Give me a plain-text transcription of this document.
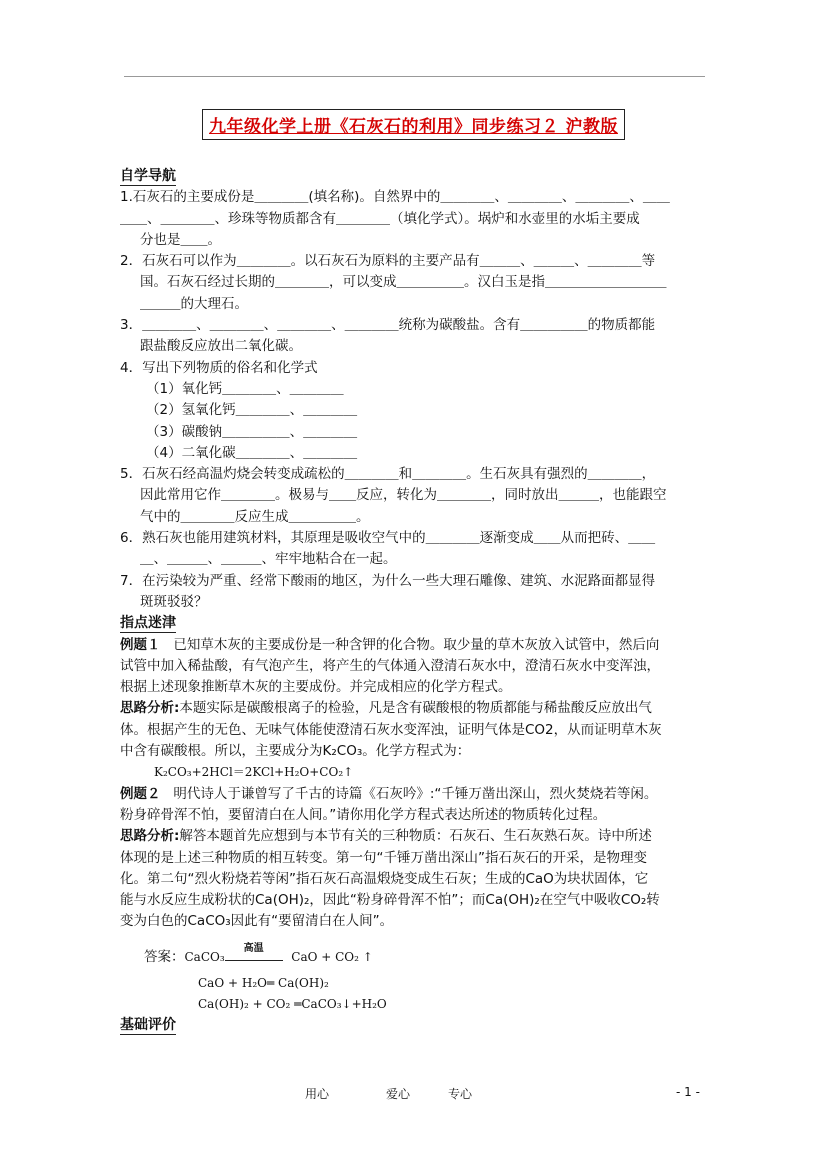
九年级化学上册《石灰石的利用》同步练习２ 沪教版
自学导航
1.石灰石的主要成份是＿＿＿＿(填名称)。自然界中的＿＿＿＿、＿＿＿＿、＿＿＿＿、＿＿
＿＿、＿＿＿＿、珍珠等物质都含有＿＿＿＿（填化学式）。埚炉和水壶里的水垢主要成
分也是＿＿。
2．石灰石可以作为＿＿＿＿。以石灰石为原料的主要产品有＿＿＿、＿＿＿、＿＿＿＿等
国。石灰石经过长期的＿＿＿＿，可以变成＿＿＿＿＿。汉白玉是指＿＿＿＿＿＿＿＿＿
＿＿＿的大理石。
3．＿＿＿＿、＿＿＿＿、＿＿＿＿、＿＿＿＿统称为碳酸盐。含有＿＿＿＿＿的物质都能
跟盐酸反应放出二氧化碳。
4．写出下列物质的俗名和化学式
（1）氧化钙＿＿＿＿、＿＿＿＿
（2）氢氧化钙＿＿＿＿、＿＿＿＿
（3）碳酸钠＿＿＿＿＿、＿＿＿＿
（4）二氧化碳＿＿＿＿、＿＿＿＿
5．石灰石经高温灼烧会转变成疏松的＿＿＿＿和＿＿＿＿。生石灰具有强烈的＿＿＿＿，
因此常用它作＿＿＿＿。极易与＿＿反应，转化为＿＿＿＿，同时放出＿＿＿，也能跟空
气中的＿＿＿＿反应生成＿＿＿＿＿。
6．熟石灰也能用建筑材料，其原理是吸收空气中的＿＿＿＿逐渐变成＿＿从而把砖、＿＿
＿、＿＿＿、＿＿＿、牢牢地粘合在一起。
7．在污染较为严重、经常下酸雨的地区，为什么一些大理石雕像、建筑、水泥路面都显得
斑斑驳驳？
指点迷津
例题１ 已知草木灰的主要成份是一种含钾的化合物。取少量的草木灰放入试管中，然后向
试管中加入稀盐酸，有气泡产生，将产生的气体通入澄清石灰水中，澄清石灰水中变浑浊，
根据上述现象推断草木灰的主要成份。并完成相应的化学方程式。
思路分析:本题实际是碳酸根离子的检验，凡是含有碳酸根的物质都能与稀盐酸反应放出气
体。根据产生的无色、无味气体能使澄清石灰水变浑浊，证明气体是CO2，从而证明草木灰
中含有碳酸根。所以，主要成分为K₂CO₃。化学方程式为：
K₂CO₃+2HCl＝2KCl+H₂O+CO₂↑
例题２ 明代诗人于谦曾写了千古的诗篇《石灰吟》:“千锤万凿出深山，烈火焚烧若等闲。
粉身碎骨浑不怕，要留清白在人间。”请你用化学方程式表达所述的物质转化过程。
思路分析:解答本题首先应想到与本节有关的三种物质：石灰石、生石灰熟石灰。诗中所述
体现的是上述三种物质的相互转变。第一句“千锤万凿出深山”指石灰石的开采，是物理变
化。第二句“烈火粉烧若等闲”指石灰石高温煅烧变成生石灰；生成的CaO为块状固体，它
能与水反应生成粉状的Ca(OH)₂，因此“粉身碎骨浑不怕”；而Ca(OH)₂在空气中吸收CO₂转
变为白色的CaCO₃因此有“要留清白在人间”。
答案：CaCO₃
高温
CaO + CO₂ ↑
CaO + H₂O═ Ca(OH)₂
Ca(OH)₂ + CO₂ ═CaCO₃↓+H₂O
基础评价
用心	爱心	专心	- 1 -
